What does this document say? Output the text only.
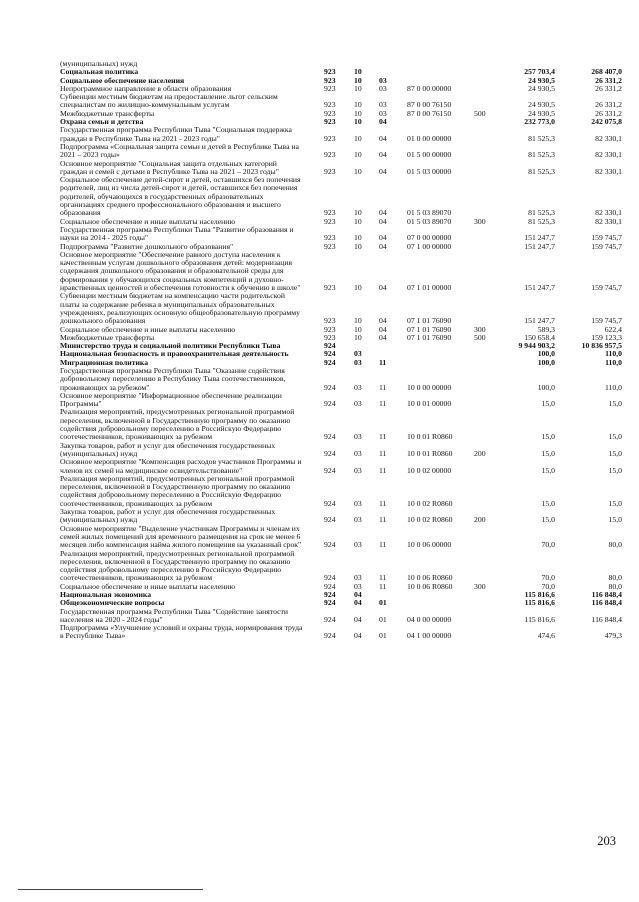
(муниципальных) нужд
Социальная политика	923 10	257 703,4	268 407,0
Социальное обеспечение населения	923 10 03	24 930,5	26 331,2
Непрограммное направление в области образования	923 10 03	87 0 00 00000	24 930,5	26 331,2
Субвенции местным бюджетам на предоставление льгот сельским специалистам по жилищно-коммунальным услугам	923 10 03	87 0 00 76150	24 930,5	26 331,2
Межбюджетные трансферты	923 10 03	87 0 00 76150	500	24 930,5	26 331,2
Охрана семьи и детства	923 10 04	232 773,0	242 075,8
Государственная программа Республики Тыва "Социальная поддержка граждан в Республике Тыва на 2021 - 2023 годы"	923 10 04	01 0 00 00000	81 525,3	82 330,1
Подпрограмма «Социальная защита семьи и детей в Республике Тыва на 2021 – 2023 годы»	923 10 04	01 5 00 00000	81 525,3	82 330,1
Основное мероприятие "Социальная защита отдельных категорий граждан и семей с детьми в Республике Тыва на 2021 – 2023 годы"	923 10 04	01 5 03 00000	81 525,3	82 330,1
Социальное обеспечение детей-сирот и детей, оставшихся без попечения родителей, лиц из числа детей-сирот и детей, оставшихся без попечения родителей, обучающихся в государственных образовательных организациях среднего профессионального образования и высшего образования	923 10 04	01 5 03 89070	81 525,3	82 330,1
Социальное обеспечение и иные выплаты населению	923 10 04	01 5 03 89070	300	81 525,3	82 330,1
Государственная программа Республики Тыва "Развитие образования и науки на 2014 - 2025 годы"	923 10 04	07 0 00 00000	151 247,7	159 745,7
Подпрограмма "Развитие дошкольного образования"	923 10 04	07 1 00 00000	151 247,7	159 745,7
Основное мероприятие "Обеспечение равного доступа населения к качественным услугам дошкольного образования детей: модернизация содержания дошкольного образования и образовательной среды для формирования у обучающихся социальных компетенций и духовно-нравственных ценностей и обеспечения готовности к обучению в школе"	923 10 04	07 1 01 00000	151 247,7	159 745,7
Субвенции местным бюджетам на компенсацию части родительской платы за содержание ребенка в муниципальных образовательных учреждениях, реализующих основную общеобразовательную программу дошкольного образования	923 10 04	07 1 01 76090	151 247,7	159 745,7
Социальное обеспечение и иные выплаты населению	923 10 04	07 1 01 76090	300	589,3	622,4
Межбюджетные трансферты	923 10 04	07 1 01 76090	500	150 658,4	159 123,3
Министерство труда и социальной политики Республики Тыва	924	9 944 903,2	10 836 957,5
Национальная безопасность и правоохранительная деятельность	924 03	100,0	110,0
Миграционная политика	924 03 11	100,0	110,0
Государственная программа Республики Тыва "Оказание содействия добровольному переселению в Республику Тыва соотечественников, проживающих за рубежом"	924 03 11	10 0 00 00000	100,0	110,0
Основное мероприятие "Информационное обеспечение реализации Программы"	924 03 11	10 0 01 00000	15,0	15,0
Реализация мероприятий, предусмотренных региональной программой переселения, включенной в Государственную программу по оказанию содействия добровольному переселению в Российскую Федерацию соотечественников, проживающих за рубежом	924 03 11	10 0 01 R0860	15,0	15,0
Закупка товаров, работ и услуг для обеспечения государственных (муниципальных) нужд	924 03 11	10 0 01 R0860	200	15,0	15,0
Основное мероприятие "Компенсация расходов участников Программы и членов их семей на медицинское освидетельствование"	924 03 11	10 0 02 00000	15,0	15,0
Реализация мероприятий, предусмотренных региональной программой переселения, включенной в Государственную программу по оказанию содействия добровольному переселению в Российскую Федерацию соотечественников, проживающих за рубежом	924 03 11	10 0 02 R0860	15,0	15,0
Закупка товаров, работ и услуг для обеспечения государственных (муниципальных) нужд	924 03 11	10 0 02 R0860	200	15,0	15,0
Основное мероприятие "Выделение участникам Программы и членам их семей жилых помещений для временного размещения на срок не менее 6 месяцев либо компенсация найма жилого помещения на указанный срок"	924 03 11	10 0 06 00000	70,0	80,0
Реализация мероприятий, предусмотренных региональной программой переселения, включенной в Государственную программу по оказанию содействия добровольному переселению в Российскую Федерацию соотечественников, проживающих за рубежом	924 03 11	10 0 06 R0860	70,0	80,0
Социальное обеспечение и иные выплаты населению	924 03 11	10 0 06 R0860	300	70,0	80,0
Национальная экономика	924 04	115 816,6	116 848,4
Общеэкономические вопросы	924 04 01	115 816,6	116 848,4
Государственная программа Республики Тыва "Содействие занятости населения на 2020 - 2024 годы"	924 04 01	04 0 00 00000	115 816,6	116 848,4
Подпрограмма «Улучшение условий и охраны труда, нормирования труда в Республике Тыва»	924 04 01	04 1 00 00000	474,6	479,3
203
